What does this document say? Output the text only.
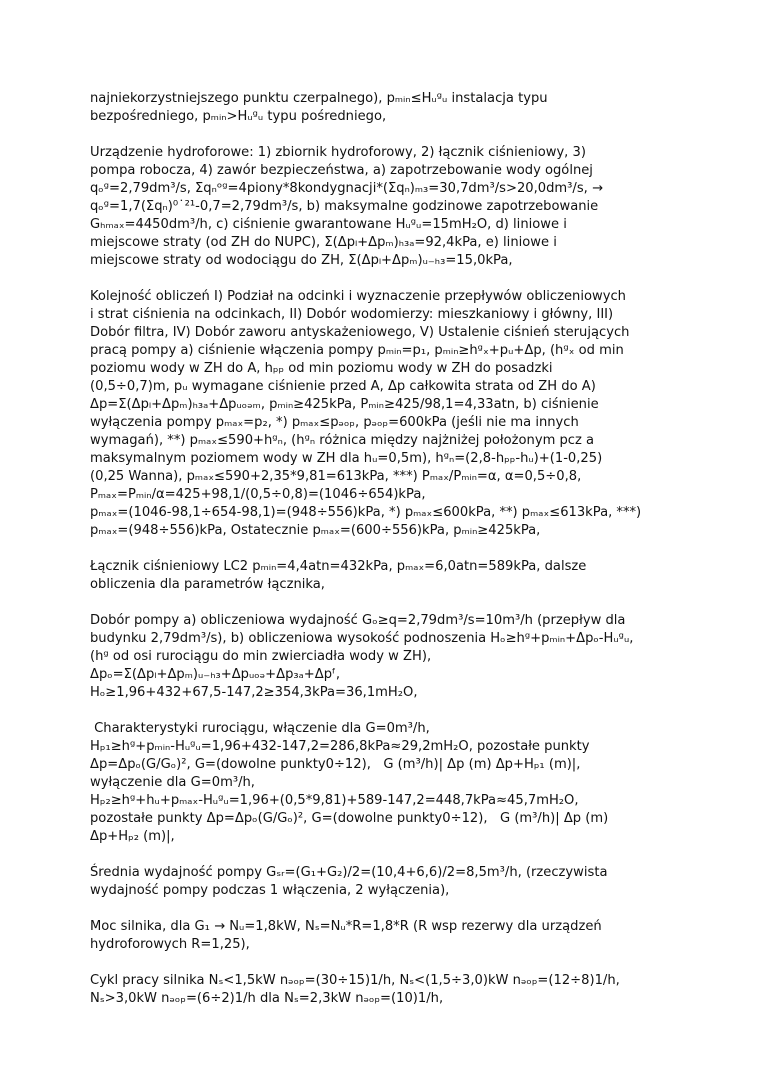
najniekorzystniejszego punktu czerpalnego), pₘᵢₙ≤Hᵤᵍᵤ instalacja typu
bezpośredniego, pₘᵢₙ>Hᵤᵍᵤ typu pośredniego,
Urządzenie hydroforowe: 1) zbiornik hydroforowy, 2) łącznik ciśnieniowy, 3)
pompa robocza, 4) zawór bezpieczeństwa, a) zapotrzebowanie wody ogólnej
qₒᵍ=2,79dm³/s, Σqₙᵒᵍ=4piony*8kondygnacji*(Σqₙ)ₘ₃=30,7dm³/s>20,0dm³/s, →
qₒᵍ=1,7(Σqₙ)⁰˙²¹-0,7=2,79dm³/s, b) maksymalne godzinowe zapotrzebowanie
Gₕₘₐₓ=4450dm³/h, c) ciśnienie gwarantowane Hᵤᵍᵤ=15mH₂O, d) liniowe i
miejscowe straty (od ZH do NUPC), Σ(Δpₗ+Δpₘ)ₕ₃ₐ=92,4kPa, e) liniowe i
miejscowe straty od wodociągu do ZH, Σ(Δpₗ+Δpₘ)ᵤ₋ₕ₃=15,0kPa,
Kolejność obliczeń I) Podział na odcinki i wyznaczenie przepływów obliczeniowych
i strat ciśnienia na odcinkach, II) Dobór wodomierzy: mieszkaniowy i główny, III)
Dobór filtra, IV) Dobór zaworu antyskażeniowego, V) Ustalenie ciśnień sterujących
pracą pompy a) ciśnienie włączenia pompy pₘᵢₙ=p₁, pₘᵢₙ≥hᵍₓ+pᵤ+Δp, (hᵍₓ od min
poziomu wody w ZH do A, hₚₚ od min poziomu wody w ZH do posadzki
(0,5÷0,7)m, pᵤ wymagane ciśnienie przed A, Δp całkowita strata od ZH do A)
Δp=Σ(Δpₗ+Δpₘ)ₕ₃ₐ+Δpᵤₒₔₘ, pₘᵢₙ≥425kPa, Pₘᵢₙ≥425/98,1=4,33atn, b) ciśnienie
wyłączenia pompy pₘₐₓ=p₂, *) pₘₐₓ≤pₔₒₚ, pₔₒₚ=600kPa (jeśli nie ma innych
wymagań), **) pₘₐₓ≤590+hᵍₙ, (hᵍₙ różnica między najżniżej położonym pcz a
maksymalnym poziomem wody w ZH dla hᵤ=0,5m), hᵍₙ=(2,8-hₚₚ-hᵤ)+(1-0,25)
(0,25 Wanna), pₘₐₓ≤590+2,35*9,81=613kPa, ***) Pₘₐₓ/Pₘᵢₙ=α, α=0,5÷0,8,
Pₘₐₓ=Pₘᵢₙ/α=425+98,1/(0,5÷0,8)=(1046÷654)kPa,
pₘₐₓ=(1046-98,1÷654-98,1)=(948÷556)kPa, *) pₘₐₓ≤600kPa, **) pₘₐₓ≤613kPa, ***)
pₘₐₓ=(948÷556)kPa, Ostatecznie pₘₐₓ=(600÷556)kPa, pₘᵢₙ≥425kPa,
Łącznik ciśnieniowy LC2 pₘᵢₙ=4,4atn=432kPa, pₘₐₓ=6,0atn=589kPa, dalsze
obliczenia dla parametrów łącznika,
Dobór pompy a) obliczeniowa wydajność Gₒ≥q=2,79dm³/s=10m³/h (przepływ dla
budynku 2,79dm³/s), b) obliczeniowa wysokość podnoszenia Hₒ≥hᵍ+pₘᵢₙ+Δpₒ-Hᵤᵍᵤ,
(hᵍ od osi rurociągu do min zwierciadła wody w ZH),
Δpₒ=Σ(Δpₗ+Δpₘ)ᵤ₋ₕ₃+Δpᵤₒₔ+Δp₃ₐ+Δpᶠ,
Hₒ≥1,96+432+67,5-147,2≥354,3kPa=36,1mH₂O,
Charakterystyki rurociągu, włączenie dla G=0m³/h,
Hₚ₁≥hᵍ+pₘᵢₙ-Hᵤᵍᵤ=1,96+432-147,2=286,8kPa≈29,2mH₂O, pozostałe punkty
Δp=Δpₒ(G/Gₒ)², G=(dowolne punkty0÷12),   G (m³/h)| Δp (m) Δp+Hₚ₁ (m)|,
wyłączenie dla G=0m³/h,
Hₚ₂≥hᵍ+hᵤ+pₘₐₓ-Hᵤᵍᵤ=1,96+(0,5*9,81)+589-147,2=448,7kPa≈45,7mH₂O,
pozostałe punkty Δp=Δpₒ(G/Gₒ)², G=(dowolne punkty0÷12),   G (m³/h)| Δp (m)
Δp+Hₚ₂ (m)|,
Średnia wydajność pompy Gₛᵣ=(G₁+G₂)/2=(10,4+6,6)/2=8,5m³/h, (rzeczywista
wydajność pompy podczas 1 włączenia, 2 wyłączenia),
Moc silnika, dla G₁ → Nᵤ=1,8kW, Nₛ=Nᵤ*R=1,8*R (R wsp rezerwy dla urządzeń
hydroforowych R=1,25),
Cykl pracy silnika Nₛ<1,5kW nₔₒₚ=(30÷15)1/h, Nₛ<(1,5÷3,0)kW nₔₒₚ=(12÷8)1/h,
Nₛ>3,0kW nₔₒₚ=(6÷2)1/h dla Nₛ=2,3kW nₔₒₚ=(10)1/h,
